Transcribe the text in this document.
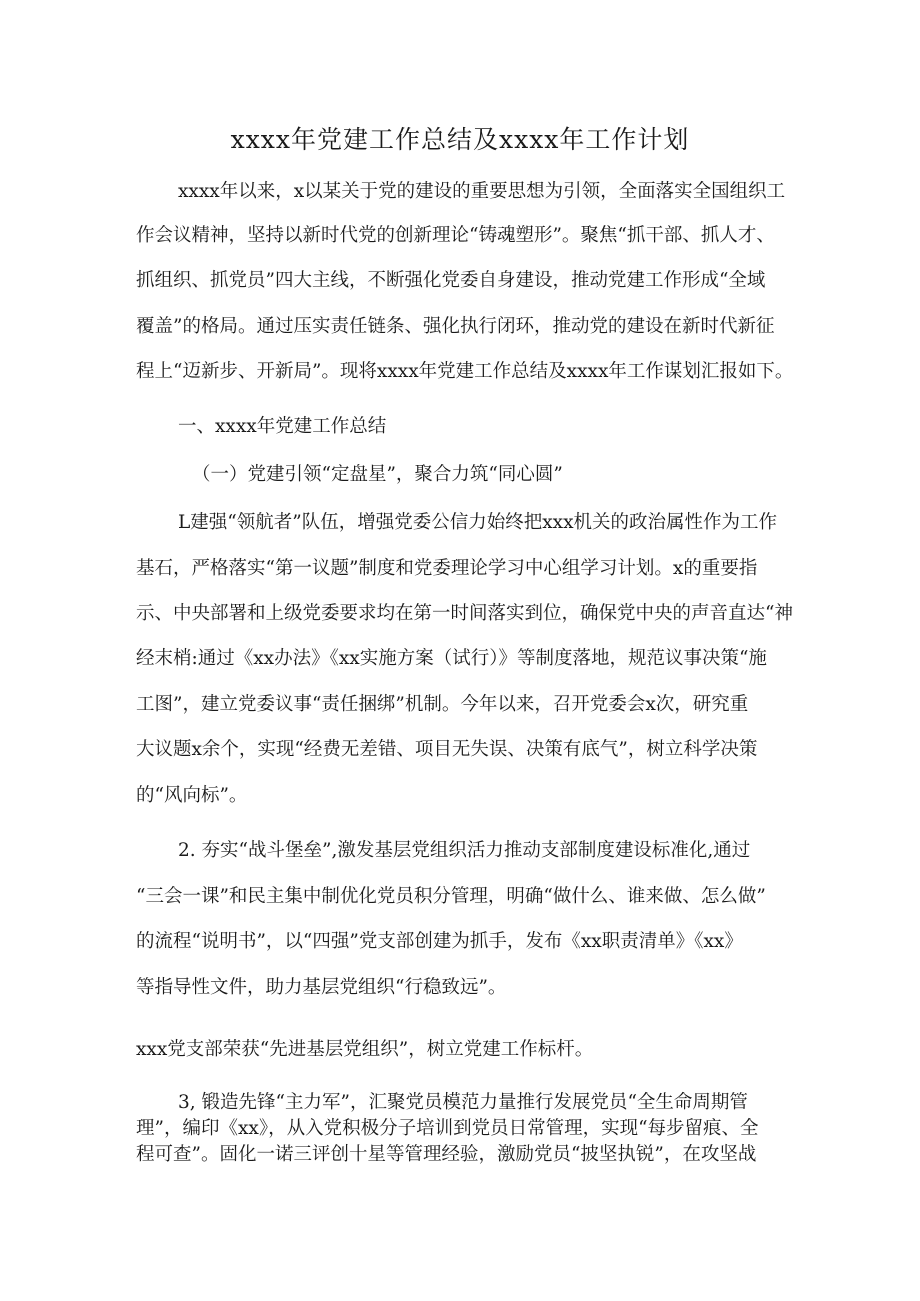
xxxx年党建工作总结及xxxx年工作计划

xxxx年以来，x以某关于党的建设的重要思想为引领，全面落实全国组织工

作会议精神，坚持以新时代党的创新理论“铸魂塑形”。聚焦“抓干部、抓人才、

抓组织、抓党员”四大主线，不断强化党委自身建设，推动党建工作形成“全域

覆盖”的格局。通过压实责任链条、强化执行闭环，推动党的建设在新时代新征

程上“迈新步、开新局”。现将xxxx年党建工作总结及xxxx年工作谋划汇报如下。

一、xxxx年党建工作总结

（一）党建引领“定盘星”，聚合力筑“同心圆”

L建强“领航者”队伍，增强党委公信力始终把xxx机关的政治属性作为工作

基石，严格落实“第一议题”制度和党委理论学习中心组学习计划。x的重要指

示、中央部署和上级党委要求均在第一时间落实到位，确保党中央的声音直达“神

经末梢:通过《xx办法》《xx实施方案（试行）》等制度落地，规范议事决策“施

工图”，建立党委议事“责任捆绑”机制。今年以来，召开党委会x次，研究重

大议题x余个，实现“经费无差错、项目无失误、决策有底气”，树立科学决策

的“风向标”。

2. 夯实“战斗堡垒”,激发基层党组织活力推动支部制度建设标准化,通过

“三会一课”和民主集中制优化党员积分管理，明确“做什么、谁来做、怎么做”

的流程“说明书”，以“四强”党支部创建为抓手，发布《xx职责清单》《xx》

等指导性文件，助力基层党组织“行稳致远”。

xxx党支部荣获“先进基层党组织”，树立党建工作标杆。

3, 锻造先锋“主力军”，汇聚党员模范力量推行发展党员“全生命周期管

理”，编印《xx》，从入党积极分子培训到党员日常管理，实现“每步留痕、全

程可查”。固化一诺三评创十星等管理经验，激励党员“披坚执锐”，在攻坚战
